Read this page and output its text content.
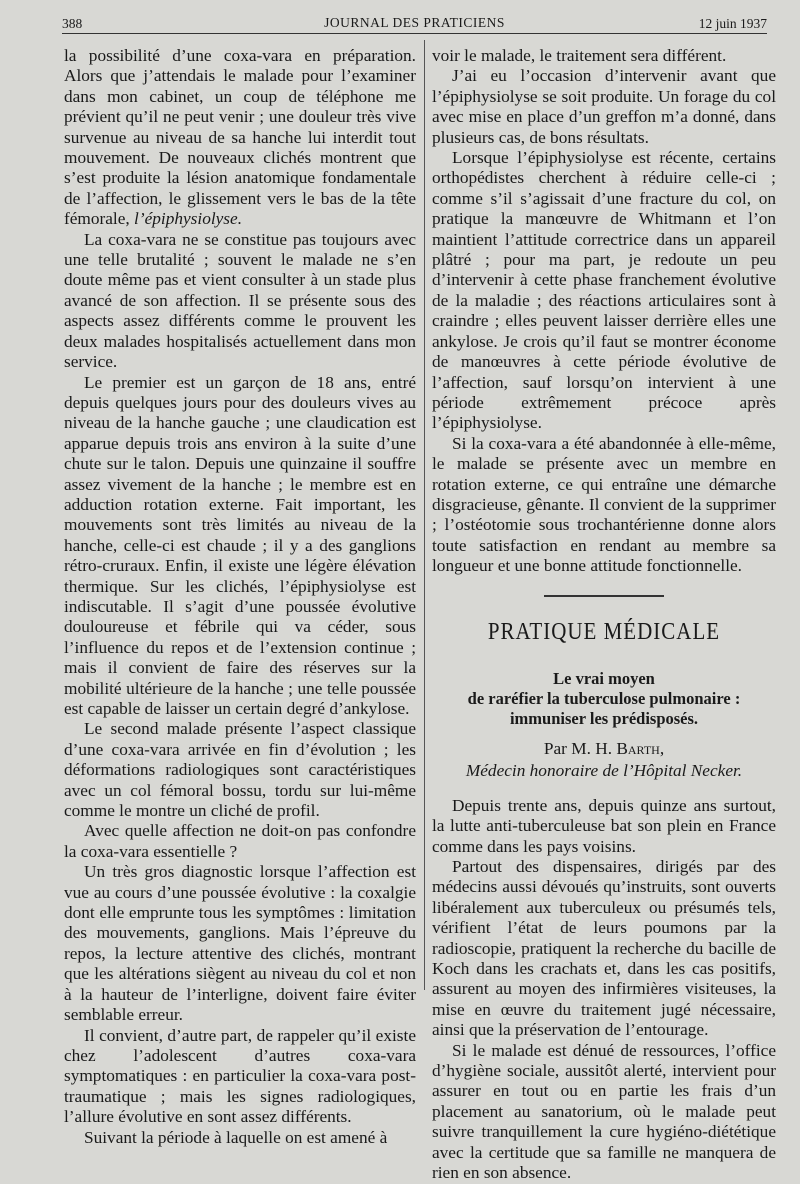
388	JOURNAL DES PRATICIENS	12 juin 1937

la possibilité d’une coxa-vara en préparation. Alors que j’attendais le malade pour l’examiner dans mon cabinet, un coup de téléphone me prévient qu’il ne peut venir ; une douleur très vive survenue au niveau de sa hanche lui interdit tout mouvement. De nouveaux clichés montrent que s’est produite la lésion anatomique fondamentale de l’affection, le glissement vers le bas de la tête fémorale, l’épiphysiolyse.

La coxa-vara ne se constitue pas toujours avec une telle brutalité ; souvent le malade ne s’en doute même pas et vient consulter à un stade plus avancé de son affection. Il se présente sous des aspects assez différents comme le prouvent les deux malades hospitalisés actuellement dans mon service.

Le premier est un garçon de 18 ans, entré depuis quelques jours pour des douleurs vives au niveau de la hanche gauche ; une claudication est apparue depuis trois ans environ à la suite d’une chute sur le talon. Depuis une quinzaine il souffre assez vivement de la hanche ; le membre est en adduction rotation externe. Fait important, les mouvements sont très limités au niveau de la hanche, celle-ci est chaude ; il y a des ganglions rétro-cruraux. Enfin, il existe une légère élévation thermique. Sur les clichés, l’épiphysiolyse est indiscutable. Il s’agit d’une poussée évolutive douloureuse et fébrile qui va céder, sous l’influence du repos et de l’extension continue ; mais il convient de faire des réserves sur la mobilité ultérieure de la hanche ; une telle poussée est capable de laisser un certain degré d’ankylose.

Le second malade présente l’aspect classique d’une coxa-vara arrivée en fin d’évolution ; les déformations radiologiques sont caractéristiques avec un col fémoral bossu, tordu sur lui-même comme le montre un cliché de profil.

Avec quelle affection ne doit-on pas confondre la coxa-vara essentielle ?

Un très gros diagnostic lorsque l’affection est vue au cours d’une poussée évolutive : la coxalgie dont elle emprunte tous les symptômes : limitation des mouvements, ganglions. Mais l’épreuve du repos, la lecture attentive des clichés, montrant que les altérations siègent au niveau du col et non à la hauteur de l’interligne, doivent faire éviter semblable erreur.

Il convient, d’autre part, de rappeler qu’il existe chez l’adolescent d’autres coxa-vara symptomatiques : en particulier la coxa-vara post-traumatique ; mais les signes radiologiques, l’allure évolutive en sont assez différents.

Suivant la période à laquelle on est amené à

voir le malade, le traitement sera différent.

J’ai eu l’occasion d’intervenir avant que l’épiphysiolyse se soit produite. Un forage du col avec mise en place d’un greffon m’a donné, dans plusieurs cas, de bons résultats.

Lorsque l’épiphysiolyse est récente, certains orthopédistes cherchent à réduire celle-ci ; comme s’il s’agissait d’une fracture du col, on pratique la manœuvre de Whitmann et l’on maintient l’attitude correctrice dans un appareil plâtré ; pour ma part, je redoute un peu d’intervenir à cette phase franchement évolutive de la maladie ; des réactions articulaires sont à craindre ; elles peuvent laisser derrière elles une ankylose. Je crois qu’il faut se montrer économe de manœuvres à cette période évolutive de l’affection, sauf lorsqu’on intervient à une période extrêmement précoce après l’épiphysiolyse.

Si la coxa-vara a été abandonnée à elle-même, le malade se présente avec un membre en rotation externe, ce qui entraîne une démarche disgracieuse, gênante. Il convient de la supprimer ; l’ostéotomie sous trochantérienne donne alors toute satisfaction en rendant au membre sa longueur et une bonne attitude fonctionnelle.

PRATIQUE MÉDICALE

Le vrai moyen

de raréfier la tuberculose pulmonaire :

immuniser les prédisposés.

Par M. H. Barth,

Médecin honoraire de l’Hôpital Necker.

Depuis trente ans, depuis quinze ans surtout, la lutte anti-tuberculeuse bat son plein en France comme dans les pays voisins.

Partout des dispensaires, dirigés par des médecins aussi dévoués qu’instruits, sont ouverts libéralement aux tuberculeux ou présumés tels, vérifient l’état de leurs poumons par la radioscopie, pratiquent la recherche du bacille de Koch dans les crachats et, dans les cas positifs, assurent au moyen des infirmières visiteuses, la mise en œuvre du traitement jugé nécessaire, ainsi que la préservation de l’entourage.

Si le malade est dénué de ressources, l’office d’hygiène sociale, aussitôt alerté, intervient pour assurer en tout ou en partie les frais d’un placement au sanatorium, où le malade peut suivre tranquillement la cure hygiéno-diététique avec la certitude que sa famille ne manquera de rien en son absence.
